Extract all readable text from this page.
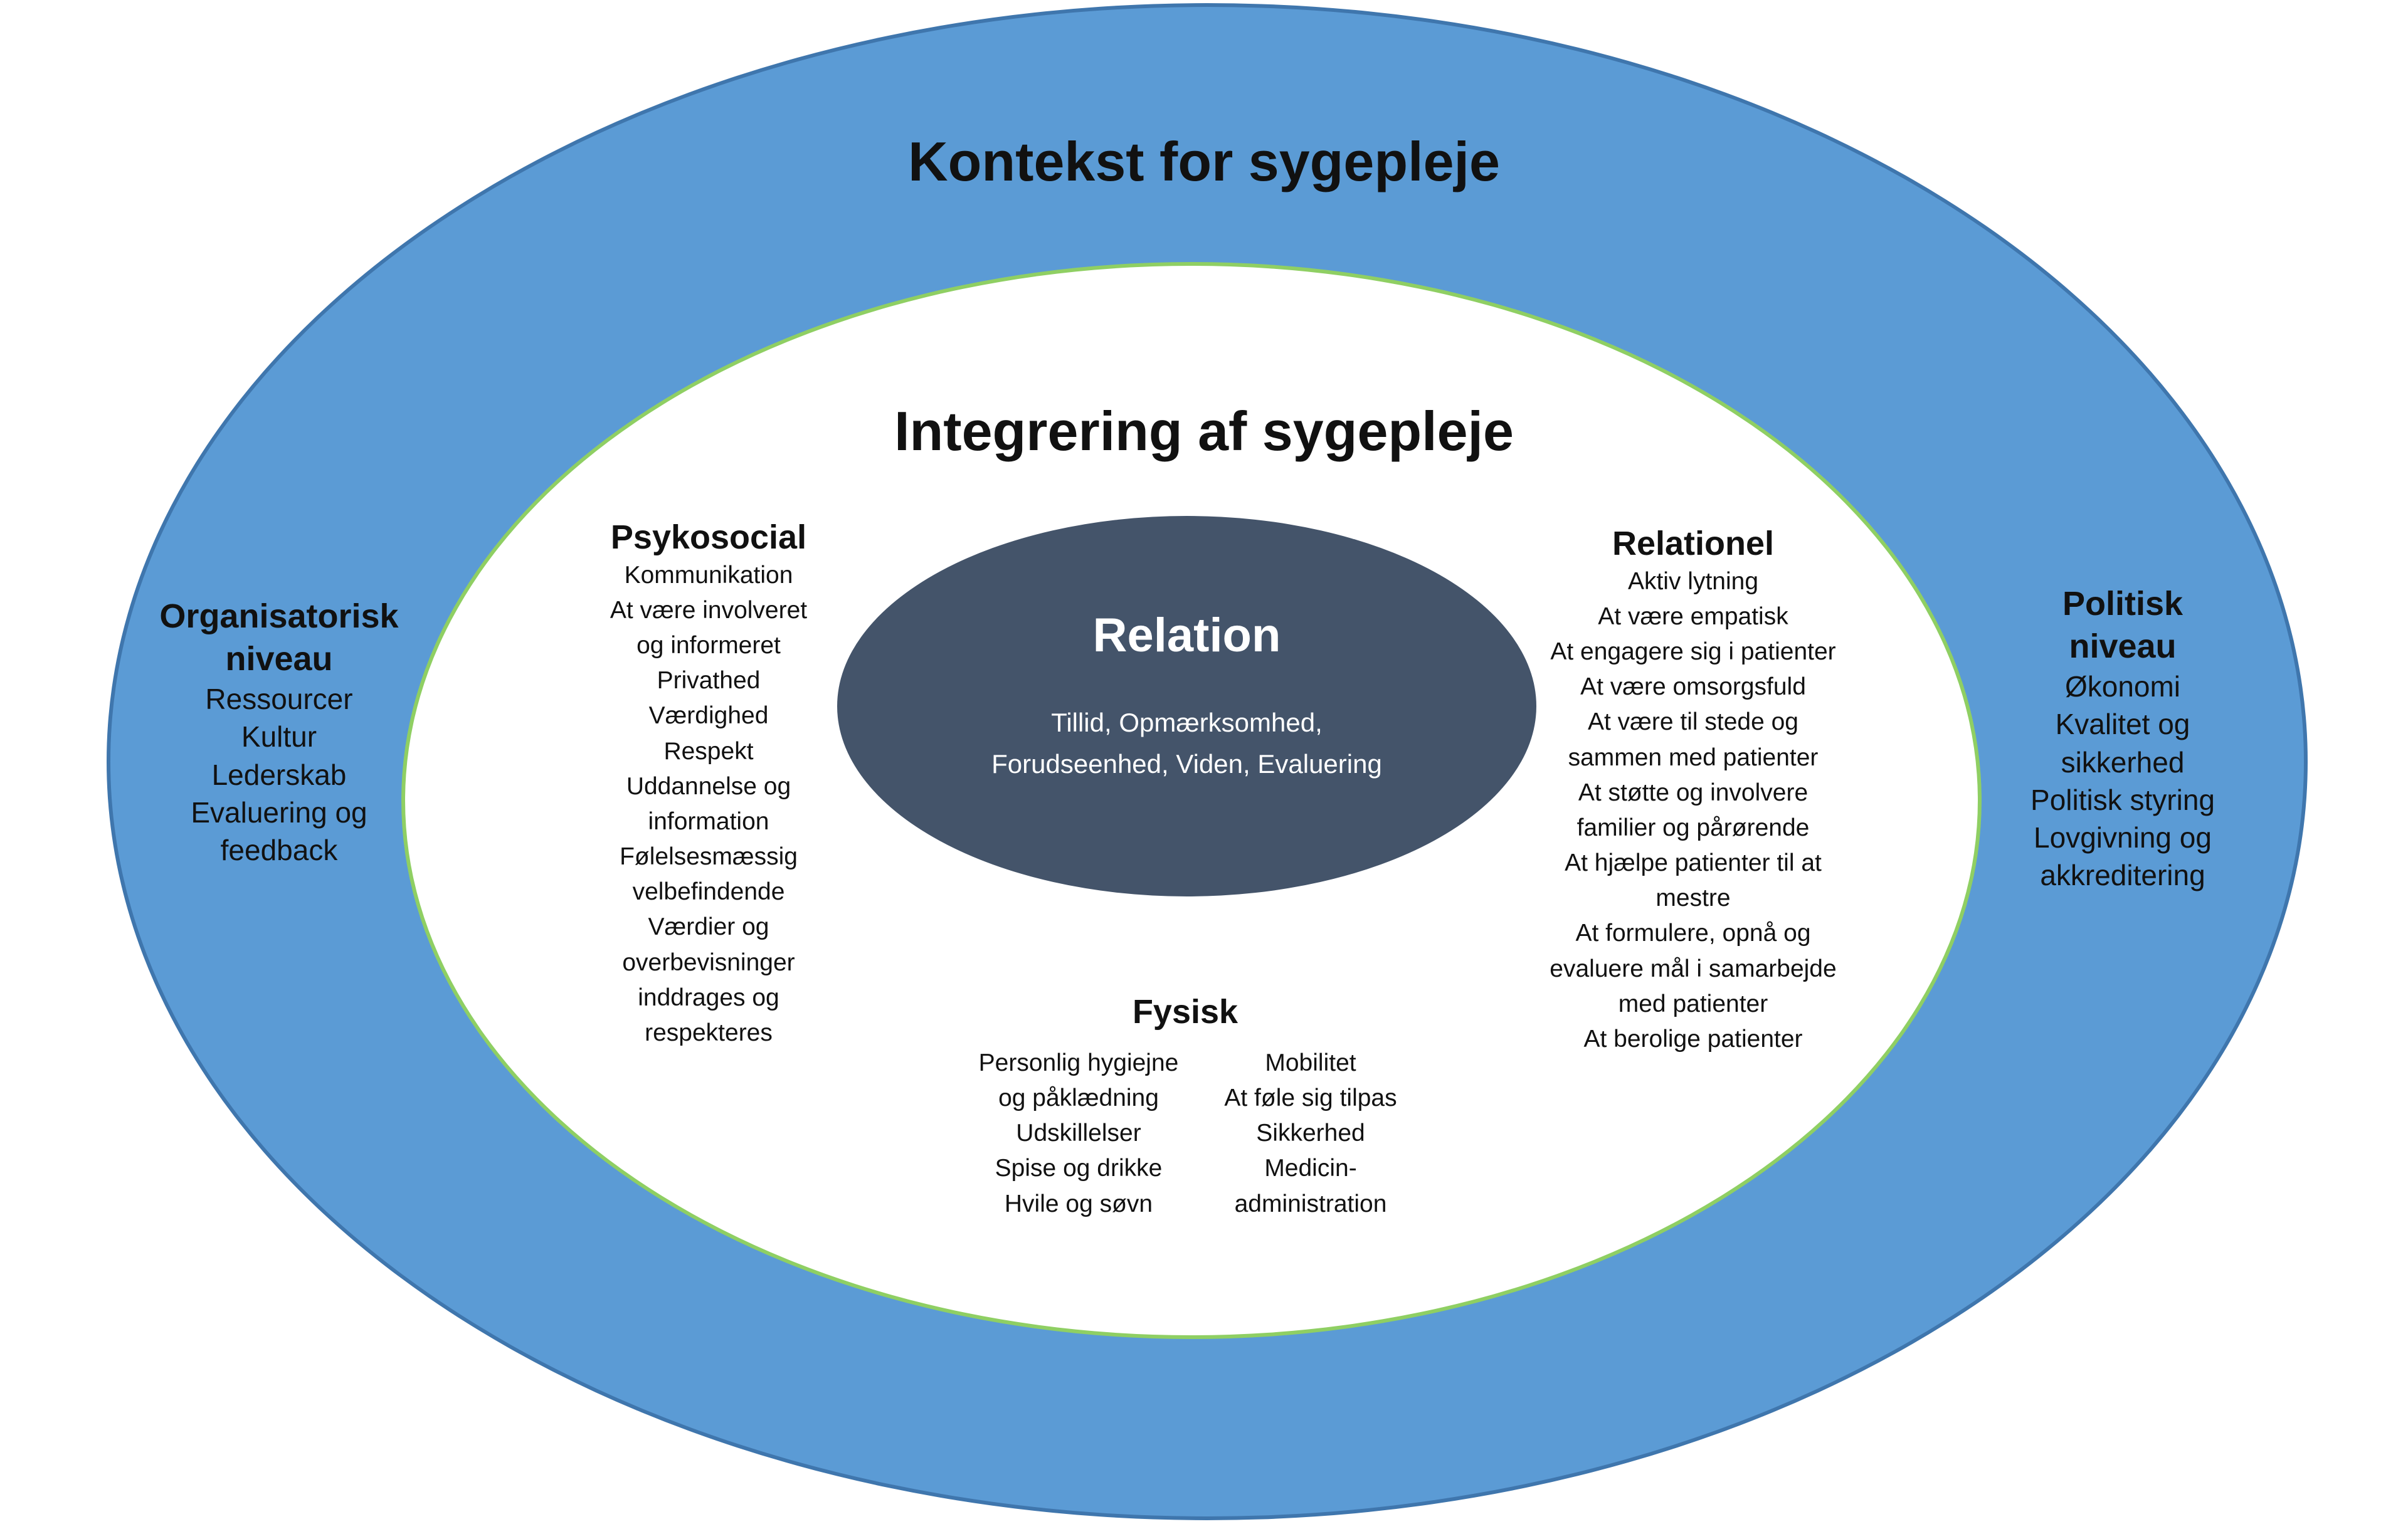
Kontekst for sygepleje
Organisatorisk
niveau
Ressourcer
Kultur
Lederskab
Evaluering og
feedback
Politisk
niveau
Økonomi
Kvalitet og
sikkerhed
Politisk styring
Lovgivning og
akkreditering
Integrering af sygepleje
Psykosocial
Kommunikation
At være involveret
og informeret
Privathed
Værdighed
Respekt
Uddannelse og
information
Følelsesmæssig
velbefindende
Værdier og
overbevisninger
inddrages og
respekteres
Relationel
Aktiv lytning
At være empatisk
At engagere sig i patienter
At være omsorgsfuld
At være til stede og
sammen med patienter
At støtte og involvere
familier og pårørende
At hjælpe patienter til at
mestre
At formulere, opnå og
evaluere mål i samarbejde
med patienter
At berolige patienter
Fysisk
Personlig hygiejne
og påklædning
Udskillelser
Spise og drikke
Hvile og søvn
Mobilitet
At føle sig tilpas
Sikkerhed
Medicin-
administration
Relation
Tillid, Opmærksomhed,
Forudseenhed, Viden, Evaluering
